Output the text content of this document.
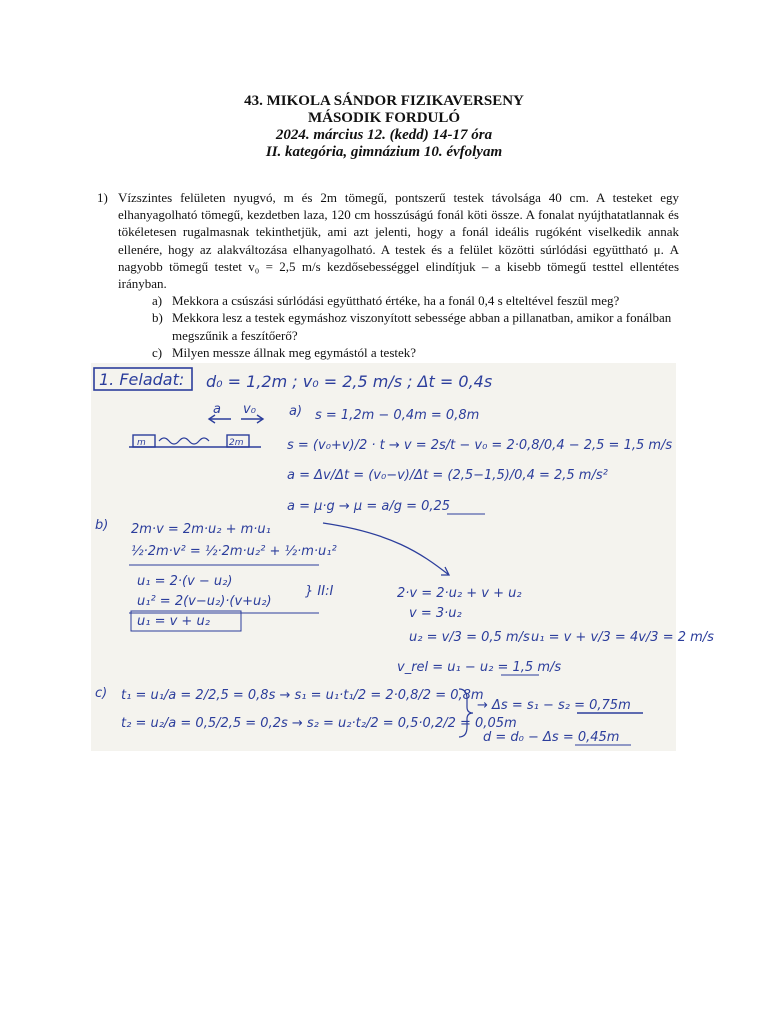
43. MIKOLA SÁNDOR FIZIKAVERSENY
MÁSODIK FORDULÓ
2024. március 12. (kedd) 14-17 óra
II. kategória, gimnázium 10. évfolyam
1) Vízszintes felületen nyugvó, m és 2m tömegű, pontszerű testek távolsága 40 cm. A testeket egy elhanyagolható tömegű, kezdetben laza, 120 cm hosszúságú fonál köti össze. A fonalat nyújthatatlannak és tökéletesen rugalmasnak tekinthetjük, ami azt jelenti, hogy a fonál ideális rugóként viselkedik annak ellenére, hogy az alakváltozása elhanyagolható. A testek és a felület közötti súrlódási együttható μ. A nagyobb tömegű testet v₀ = 2,5 m/s kezdősebességgel elindítjuk – a kisebb tömegű testtel ellentétes irányban.
a) Mekkora a csúszási súrlódási együttható értéke, ha a fonál 0,4 s elteltével feszül meg?
b) Mekkora lesz a testek egymáshoz viszonyított sebessége abban a pillanatban, amikor a fonálban megszűnik a feszítőerő?
c) Milyen messze állnak meg egymástól a testek?
1. Feladat: d₀ = 1,2m ; v₀ = 2,5 m/s ; Δt = 0,4s
a v₀
m	2m
a) s = 1,2m − 0,4m = 0,8m
s = (v₀+v)/2 · t → v = 2s/t − v₀ = 2·0,8/0,4 − 2,5 = 1,5 m/s
a = Δv/Δt = (v₀−v)/Δt = (2,5−1,5)/0,4 = 2,5 m/s²
a = μ·g → μ = a/g = 0,25
b) 2m·v = 2m·u₂ + m·u₁
½·2m·v² = ½·2m·u₂² + ½·m·u₁²
u₁ = 2·(v − u₂)
u₁² = 2(v−u₂)·(v+u₂)
} II:I
u₁ = v + u₂
2·v = 2·u₂ + v + u₂
v = 3·u₂
u₂ = v/3 = 0,5 m/s u₁ = v + v/3 = 4v/3 = 2 m/s
v_rel = u₁ − u₂ = 1,5 m/s
c) t₁ = u₁/a = 2/2,5 = 0,8s → s₁ = u₁·t₁/2 = 2·0,8/2 = 0,8m
t₂ = u₂/a = 0,5/2,5 = 0,2s → s₂ = u₂·t₂/2 = 0,5·0,2/2 = 0,05m
→ Δs = s₁ − s₂ = 0,75m
d = d₀ − Δs = 0,45m
